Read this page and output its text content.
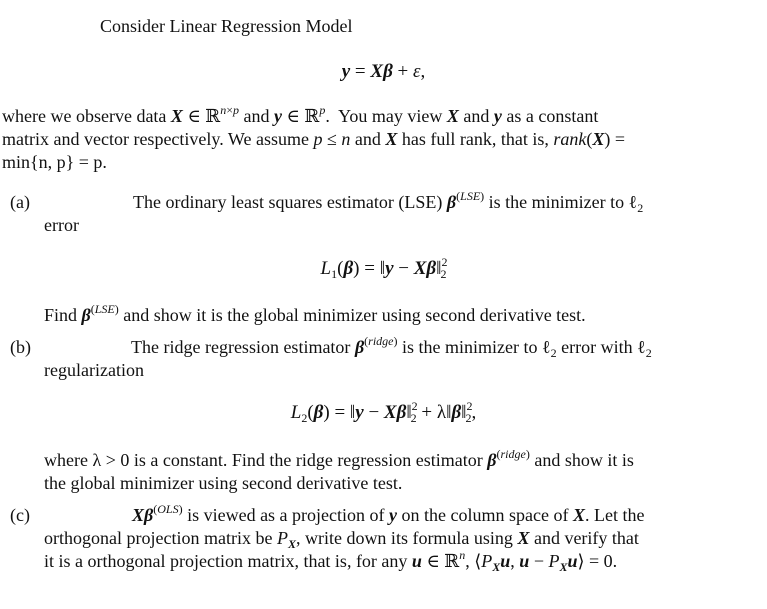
Consider Linear Regression Model
y = Xβ + ε,
where we observe data X ∈ ℝ$^{n\times p}$ and y ∈ ℝ$^p$.  You may view X and y as a constant
matrix and vector respectively. We assume p ≤ n and X has full rank, that is, rank(X) =
min{n, p} = p.
(a)	The ordinary least squares estimator (LSE) $\beta^{(LSE)}$ is the minimizer to ℓ$_2$
error
$L_1(\beta)$ = ‖y − Xβ‖$^2_2$
Find $\beta^{(LSE)}$ and show it is the global minimizer using second derivative test.
(b)	The ridge regression estimator $\beta^{(ridge)}$ is the minimizer to ℓ$_2$ error with ℓ$_2$
regularization
$L_2(\beta)$ = ‖y − Xβ‖$^2_2$ + λ‖β‖$^2_2$,
where λ > 0 is a constant. Find the ridge regression estimator $\beta^{(ridge)}$ and show it is
the global minimizer using second derivative test.
(c)	$X\beta^{(OLS)}$ is viewed as a projection of y on the column space of X. Let the
orthogonal projection matrix be $P_X$, write down its formula using X and verify that
it is a orthogonal projection matrix, that is, for any u ∈ ℝ$^n$, $⟨P_Xu$, $u - P_Xu⟩ = 0$.
